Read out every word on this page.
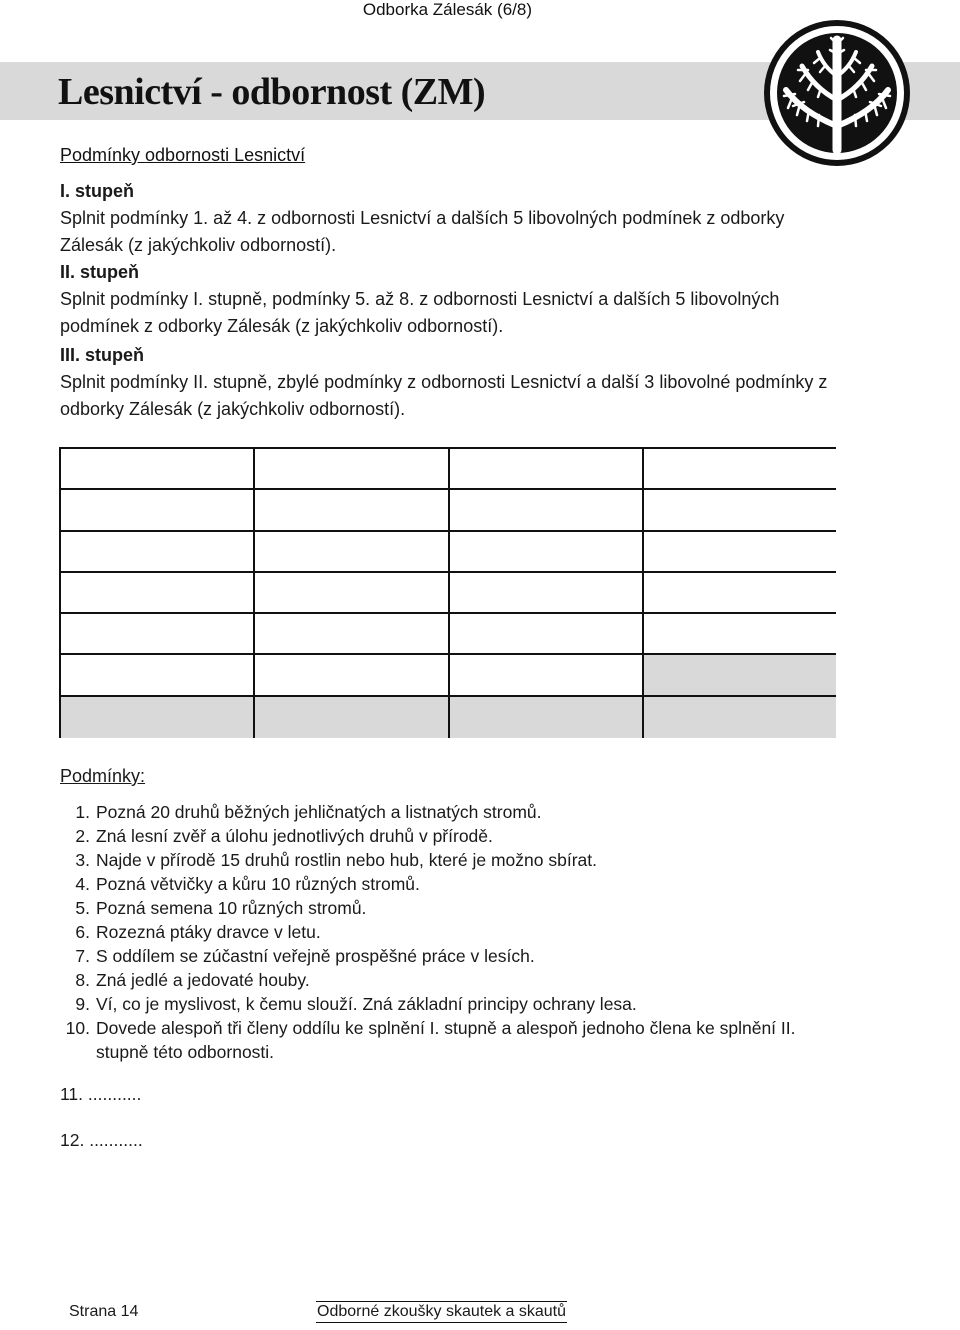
Odborka Zálesák (6/8)
Lesnictví - odbornost (ZM)
Podmínky odbornosti Lesnictví
I. stupeň
Splnit podmínky 1. až 4. z odbornosti Lesnictví a dalších 5 libovolných podmínek z odborky Zálesák (z jakýchkoliv odborností).
II. stupeň
Splnit podmínky I. stupně, podmínky 5. až 8. z odbornosti Lesnictví a dalších 5 libovolných podmínek z odborky Zálesák (z jakýchkoliv odborností).
III. stupeň
Splnit podmínky II. stupně, zbylé podmínky z odbornosti Lesnictví a další 3 libovolné podmínky z odborky Zálesák (z jakýchkoliv odborností).

Podmínky:
1. Pozná 20 druhů běžných jehličnatých a listnatých stromů.
2. Zná lesní zvěř a úlohu jednotlivých druhů v přírodě.
3. Najde v přírodě 15 druhů rostlin nebo hub, které je možno sbírat.
4. Pozná větvičky a kůru 10 různých stromů.
5. Pozná semena 10 různých stromů.
6. Rozezná ptáky dravce v letu.
7. S oddílem se zúčastní veřejně prospěšné práce v lesích.
8. Zná jedlé a jedovaté houby.
9. Ví, co je myslivost, k čemu slouží. Zná základní principy ochrany lesa.
10. Dovede alespoň tři členy oddílu ke splnění I. stupně a alespoň jednoho člena ke splnění II. stupně této odbornosti.
11. ...........
12. ...........
Strana 14	Odborné zkoušky skautek a skautů
